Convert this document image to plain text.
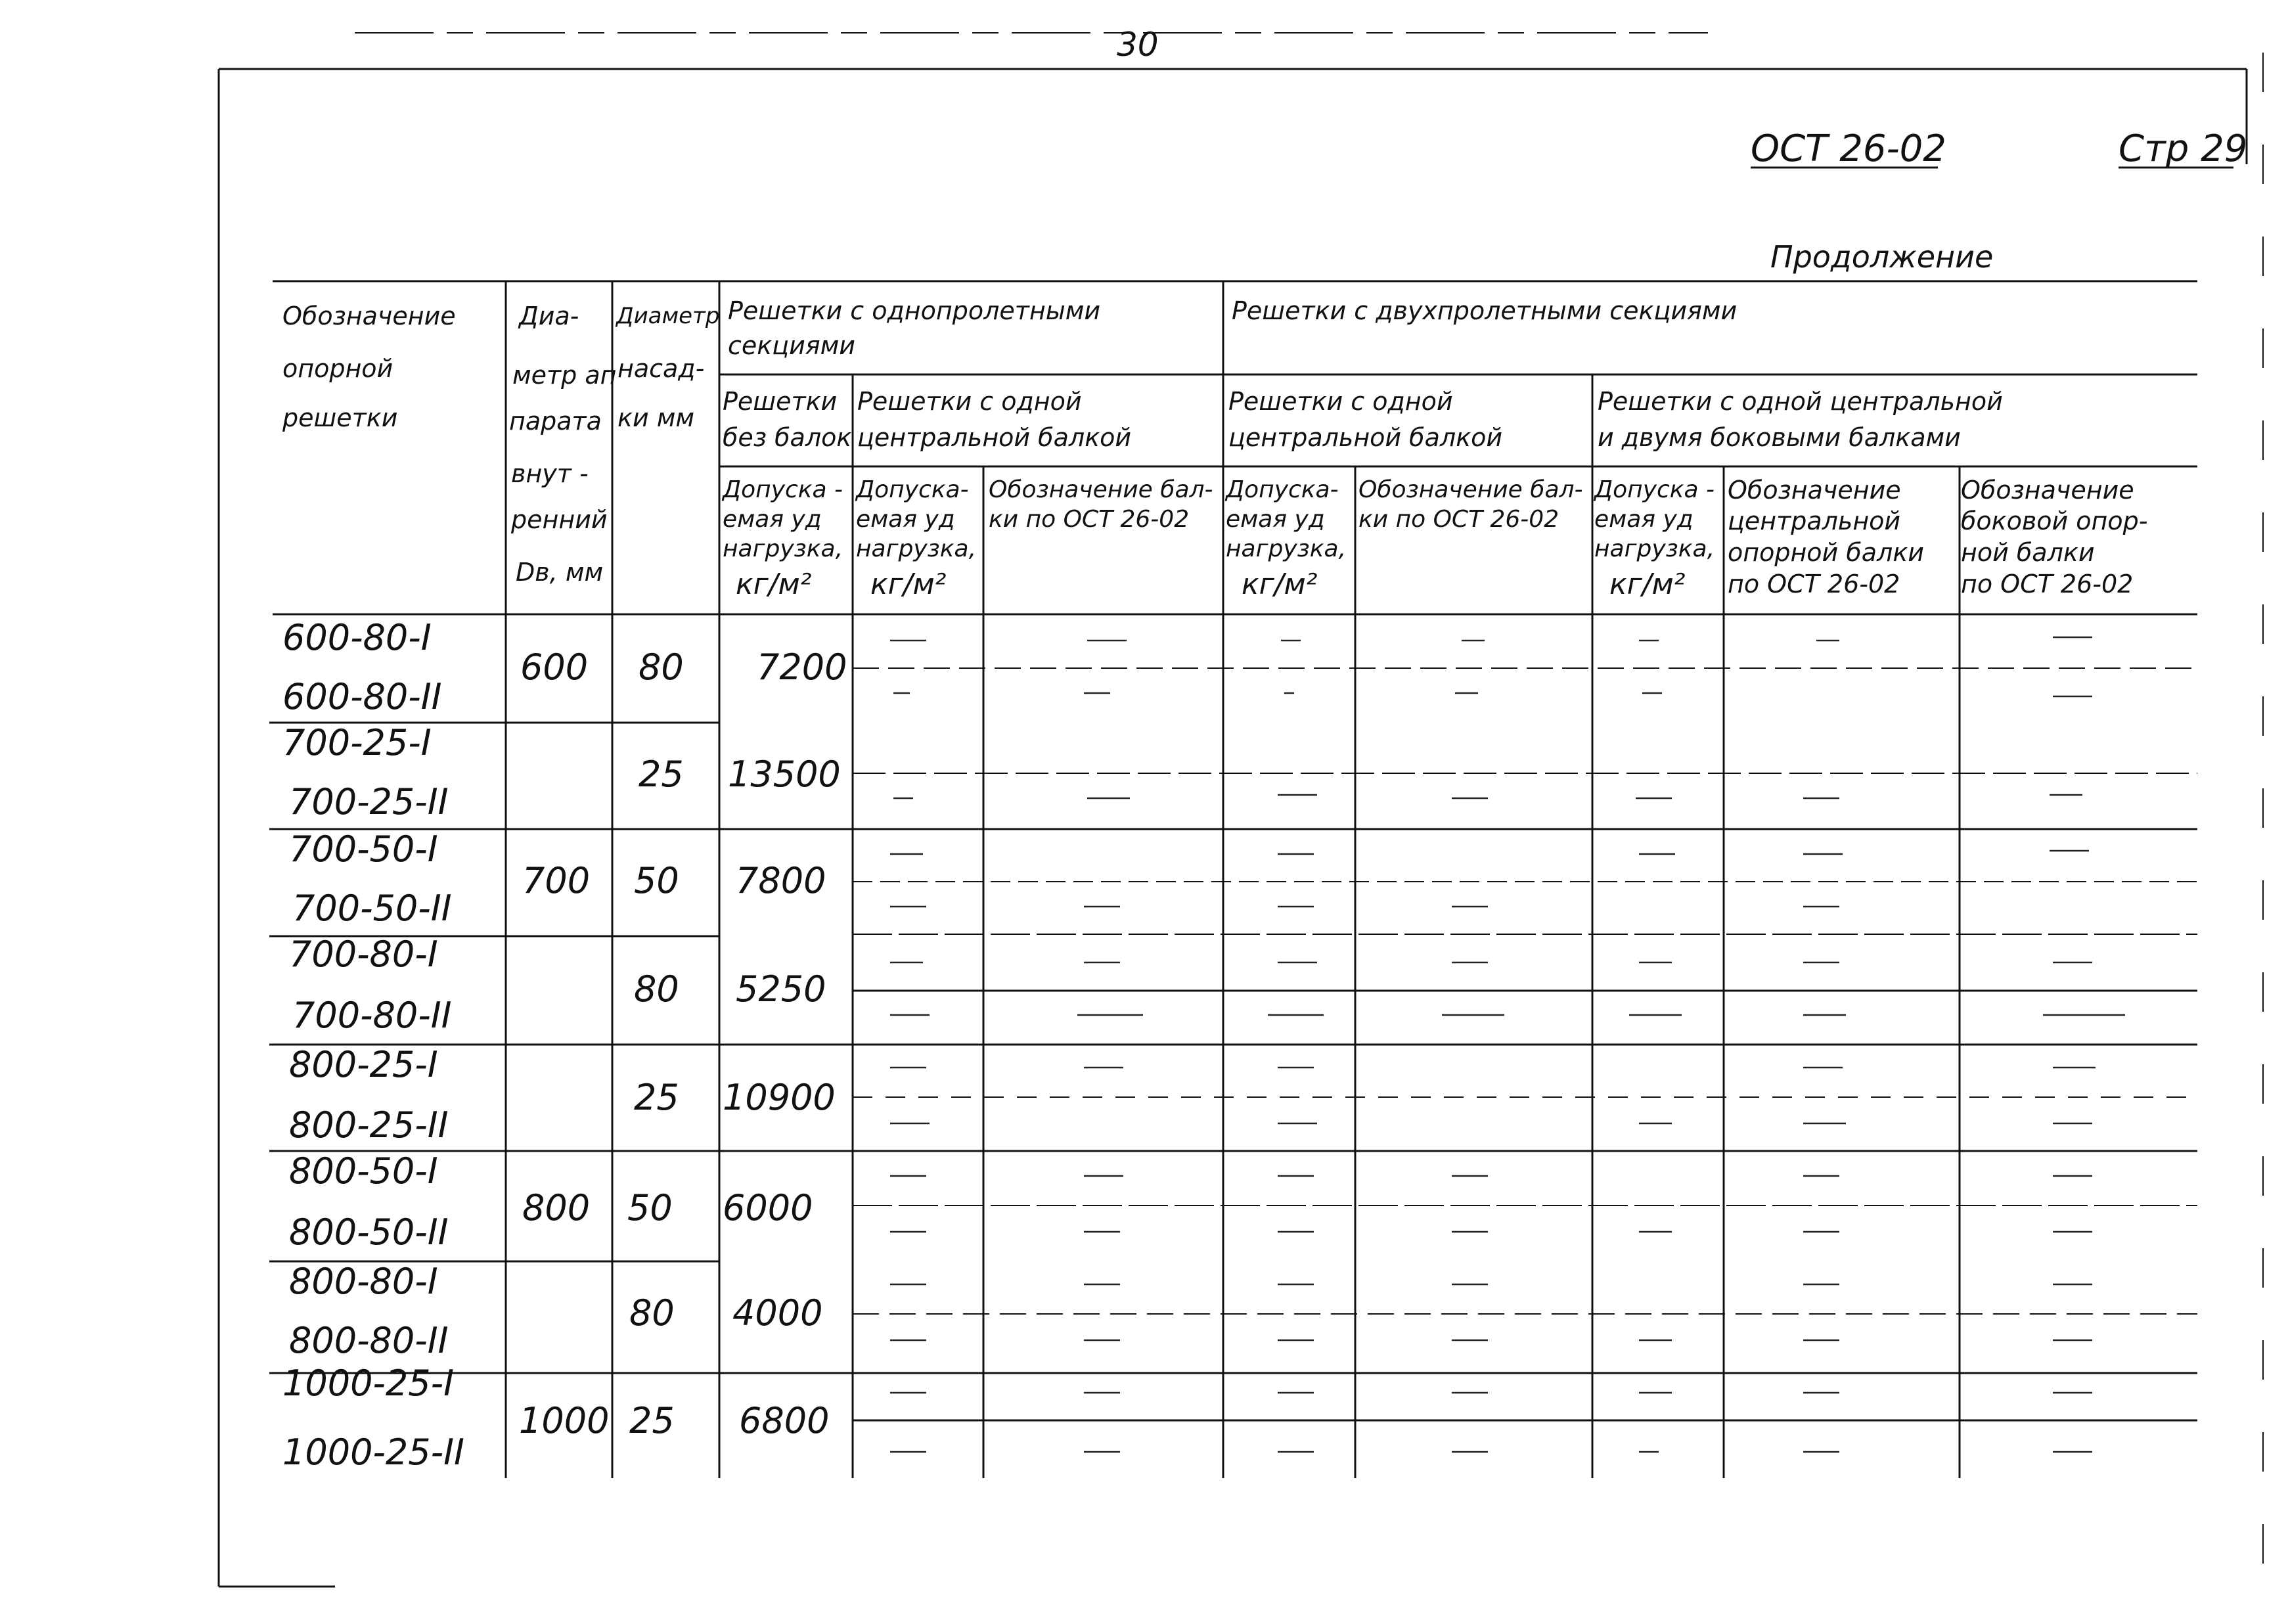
30
ОСТ 26-02	Стр 29
Продолжение
Обозначение
опорной
решетки
Диа-
метр ап
парата
внут -
ренний
Dв, мм
Диаметр
насад-
ки мм
Решетки с однопролетными
секциями
Решетки с двухпролетными секциями
Решетки
без балок
Решетки с одной
центральной балкой
Решетки с одной
центральной балкой
Решетки с одной центральной
и двумя боковыми балками
Допуска -
емая уд
нагрузка,
кг/м²
Допуска-
емая уд
нагрузка,
кг/м²
Обозначение бал-
ки по ОСТ 26-02
Допуска-
емая уд
нагрузка,
кг/м²
Обозначение бал-
ки по ОСТ 26-02
Допуска -
емая уд
нагрузка,
кг/м²
Обозначение
центральной
опорной балки
по ОСТ 26-02
Обозначение
боковой опор-
ной балки
по ОСТ 26-02
600-80-I
600-80-II
600 80 7200
700-25-I
700-25-II
25 13500
700-50-I
700-50-II
700 50 7800
700-80-I
700-80-II
80 5250
800-25-I
800-25-II
25 10900
800-50-I
800-50-II
800 50 6000
800-80-I
800-80-II
80 4000
1000-25-I
1000-25-II
1000 25 6800
